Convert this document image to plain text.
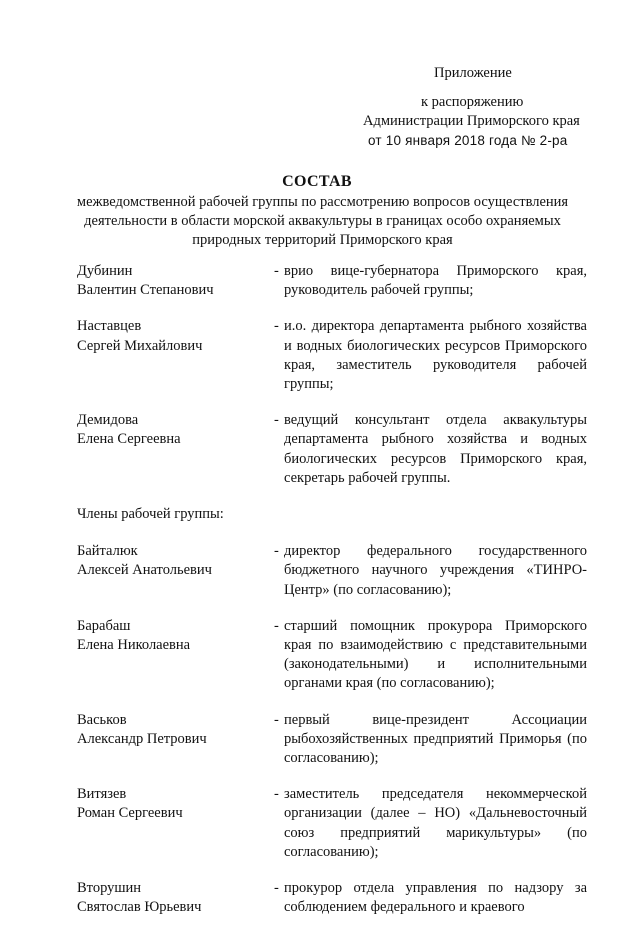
Приложение
к распоряжению
Администрации Приморского края
от 10 января 2018 года № 2-ра
СОСТАВ
межведомственной рабочей группы по рассмотрению вопросов осуществления деятельности в области морской аквакультуры в границах особо охраняемых природных территорий Приморского края
Дубинин
Валентин Степанович
- врио вице-губернатора Приморского края, руководитель рабочей группы;
Наставцев
Сергей Михайлович
- и.о. директора департамента рыбного хозяйства и водных биологических ресурсов Приморского края, заместитель руководителя рабочей группы;
Демидова
Елена Сергеевна
- ведущий консультант отдела аквакультуры департамента рыбного хозяйства и водных биологических ресурсов Приморского края, секретарь рабочей группы.
Члены рабочей группы:
Байталюк
Алексей Анатольевич
- директор федерального государственного бюджетного научного учреждения «ТИНРО-Центр» (по согласованию);
Барабаш
Елена Николаевна
- старший помощник прокурора Приморского края по взаимодействию с представительными (законодательными) и исполнительными органами края (по согласованию);
Васьков
Александр Петрович
- первый вице-президент Ассоциации рыбохозяйственных предприятий Приморья (по согласованию);
Витязев
Роман Сергеевич
- заместитель председателя некоммерческой организации (далее – НО) «Дальневосточный союз предприятий марикультуры» (по согласованию);
Вторушин
Святослав Юрьевич
- прокурор отдела управления по надзору за соблюдением федерального и краевого
